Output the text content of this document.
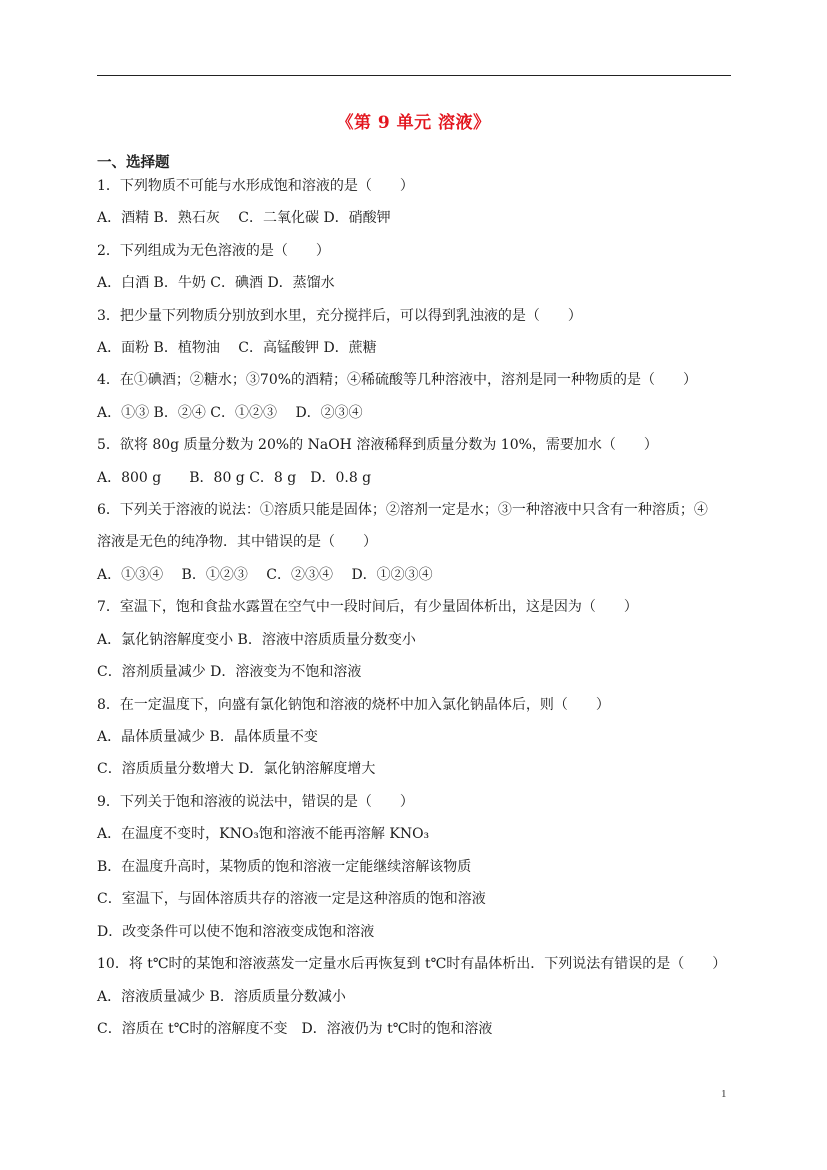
《第 9 单元 溶液》
一、选择题
1．下列物质不可能与水形成饱和溶液的是（　　）
A．酒精 B．熟石灰　 C．二氧化碳 D．硝酸钾
2．下列组成为无色溶液的是（　　）
A．白酒 B．牛奶 C．碘酒 D．蒸馏水
3．把少量下列物质分别放到水里，充分搅拌后，可以得到乳浊液的是（　　）
A．面粉 B．植物油　 C．高锰酸钾 D．蔗糖
4．在①碘酒；②糖水；③70%的酒精；④稀硫酸等几种溶液中，溶剂是同一种物质的是（　　）
A．①③ B．②④ C．①②③　 D．②③④
5．欲将 80g 质量分数为 20%的 NaOH 溶液稀释到质量分数为 10%，需要加水（　　）
A．800 g　　B．80 g C．8 g　D．0.8 g
6．下列关于溶液的说法：①溶质只能是固体；②溶剂一定是水；③一种溶液中只含有一种溶质；④
溶液是无色的纯净物．其中错误的是（　　）
A．①③④　 B．①②③　 C．②③④　 D．①②③④
7．室温下，饱和食盐水露置在空气中一段时间后，有少量固体析出，这是因为（　　）
A．氯化钠溶解度变小 B．溶液中溶质质量分数变小
C．溶剂质量减少 D．溶液变为不饱和溶液
8．在一定温度下，向盛有氯化钠饱和溶液的烧杯中加入氯化钠晶体后，则（　　）
A．晶体质量减少 B．晶体质量不变
C．溶质质量分数增大 D．氯化钠溶解度增大
9．下列关于饱和溶液的说法中，错误的是（　　）
A．在温度不变时，KNO₃饱和溶液不能再溶解 KNO₃
B．在温度升高时，某物质的饱和溶液一定能继续溶解该物质
C．室温下，与固体溶质共存的溶液一定是这种溶质的饱和溶液
D．改变条件可以使不饱和溶液变成饱和溶液
10．将 t℃时的某饱和溶液蒸发一定量水后再恢复到 t℃时有晶体析出．下列说法有错误的是（　　）
A．溶液质量减少 B．溶质质量分数减小
C．溶质在 t℃时的溶解度不变　D．溶液仍为 t℃时的饱和溶液
1
